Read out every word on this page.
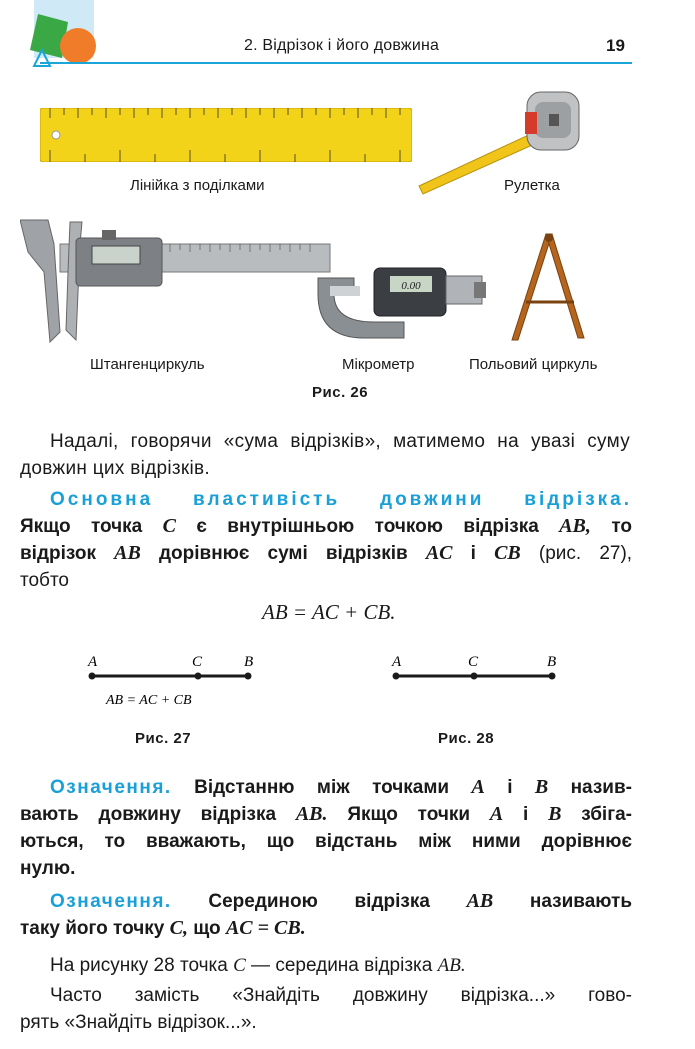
2. Відрізок і його довжина	19
Лінійка з поділками	Рулетка
0.00
Штангенциркуль	Мікрометр	Польовий циркуль
Рис. 26
Надалі, говорячи «сума відрізків», матимемо на увазі суму довжин цих відрізків.
Основна властивість довжини відрізка.
Якщо точка C є внутрішньою точкою відрізка AB, то
відрізок AB дорівнює сумі відрізків AC і CB (рис. 27),
тобто
AB = AC + CB.
A	C	B
AB = AC + CB
Рис. 27
A	C	B
Рис. 28
Означення. Відстанню між точками A і B назив-
вають довжину відрізка AB. Якщо точки A і B збіга-
ються, то вважають, що відстань між ними дорівнює
нулю.
Означення. Серединою відрізка AB називають
таку його точку C, що AC = CB.
На рисунку 28 точка C — середина відрізка AB.
Часто замість «Знайдіть довжину відрізка...» гово-
рять «Знайдіть відрізок...».
